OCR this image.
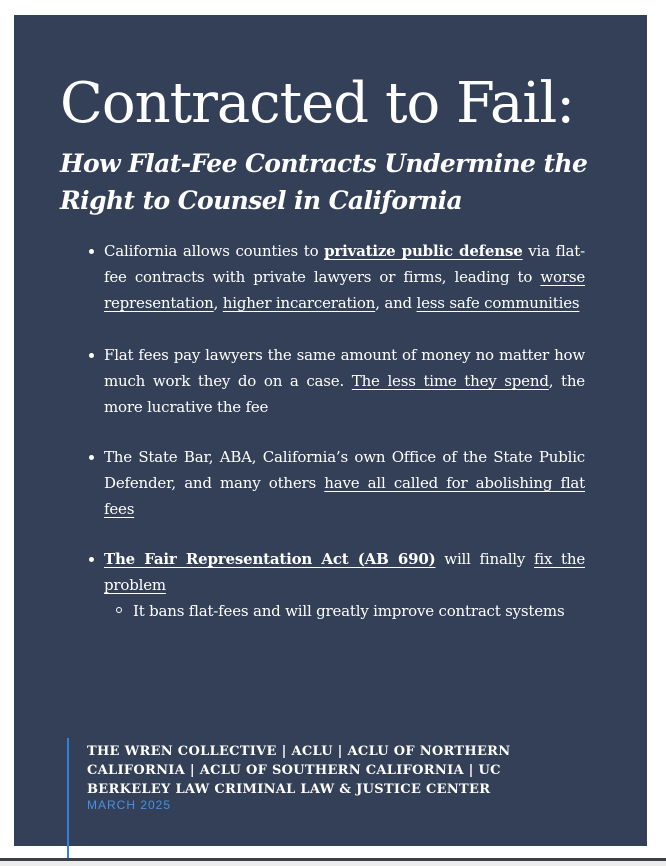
Contracted to Fail:
How Flat-Fee Contracts Undermine the Right to Counsel in California
California allows counties to privatize public defense via flat-fee contracts with private lawyers or firms, leading to worse representation, higher incarceration, and less safe communities
Flat fees pay lawyers the same amount of money no matter how much work they do on a case. The less time they spend, the more lucrative the fee
The State Bar, ABA, California’s own Office of the State Public Defender, and many others have all called for abolishing flat fees
The Fair Representation Act (AB 690) will finally fix the problem
It bans flat-fees and will greatly improve contract systems

THE WREN COLLECTIVE | ACLU | ACLU OF NORTHERN CALIFORNIA | ACLU OF SOUTHERN CALIFORNIA | UC BERKELEY LAW CRIMINAL LAW & JUSTICE CENTER

MARCH 2025
